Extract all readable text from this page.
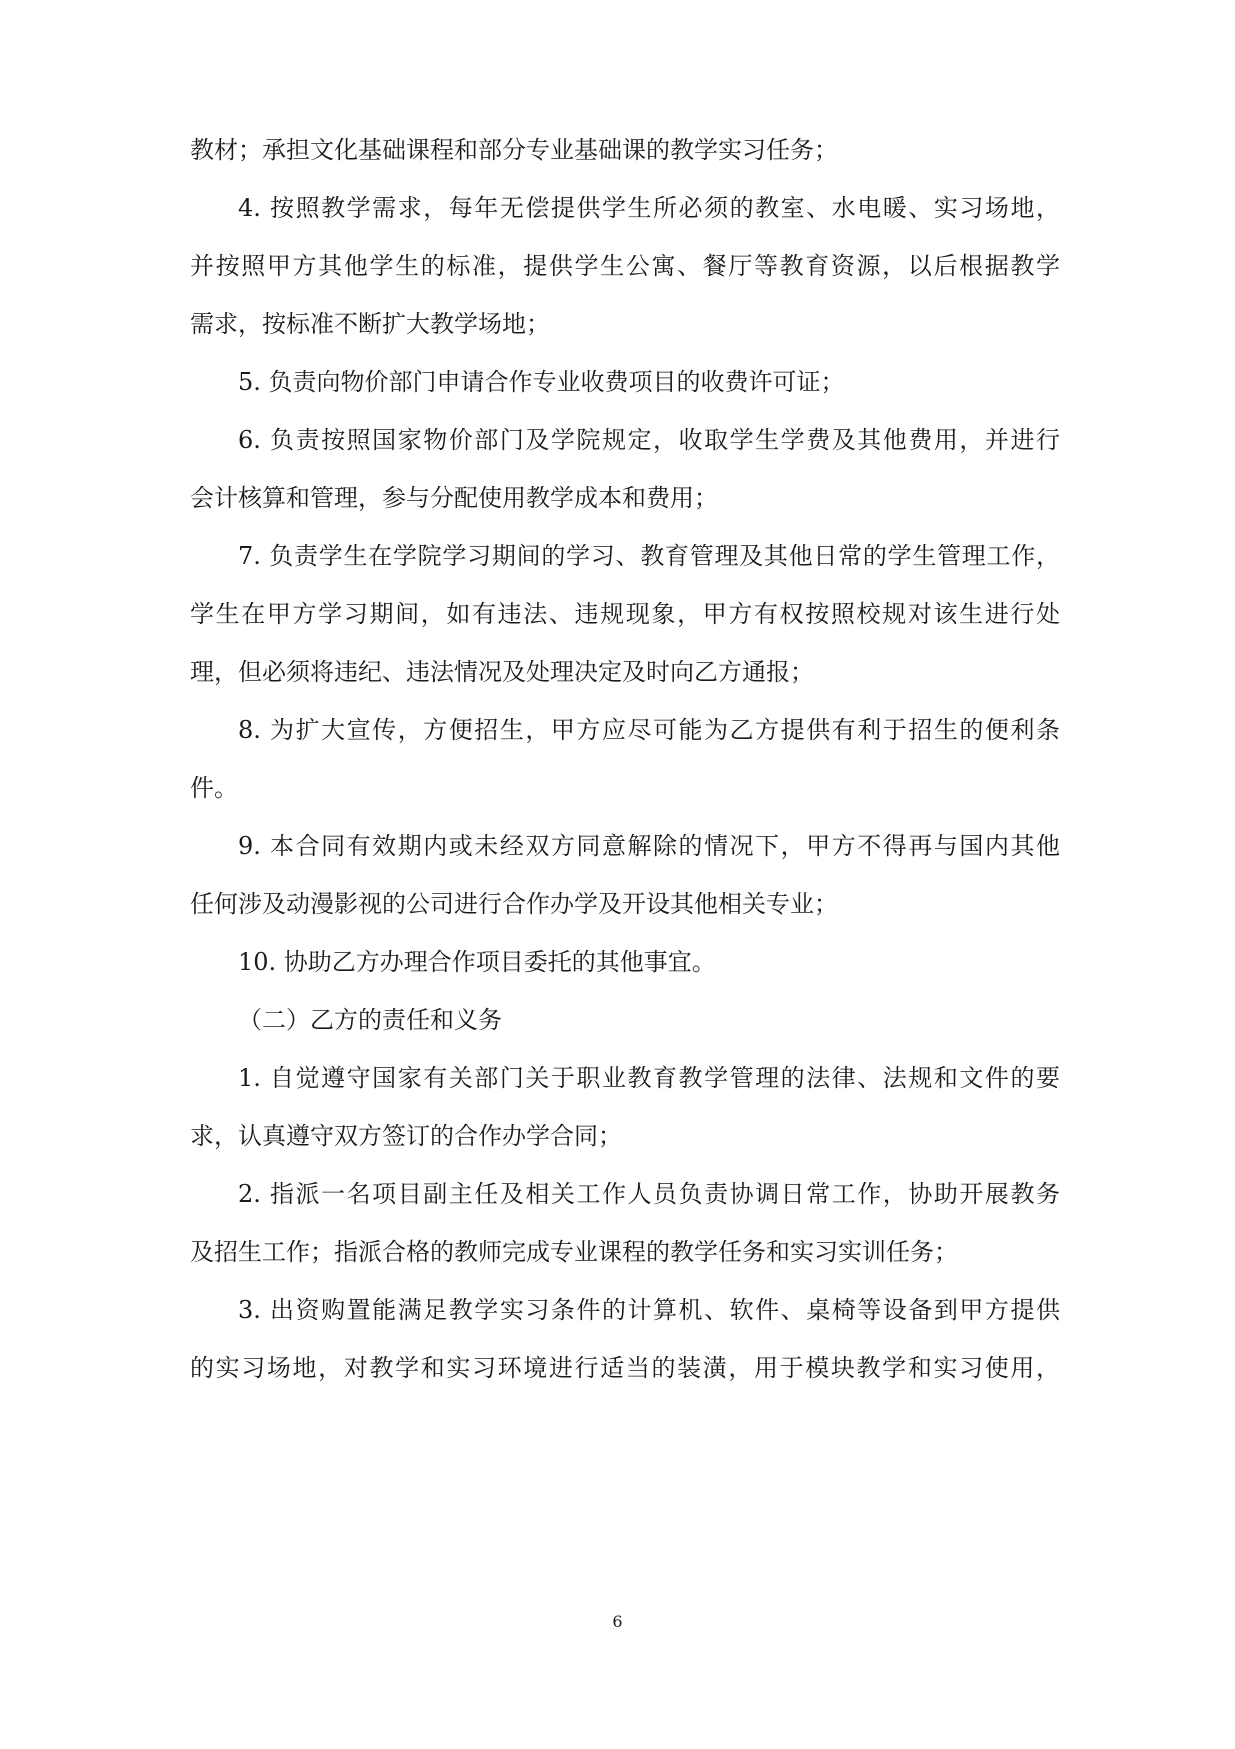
教材；承担文化基础课程和部分专业基础课的教学实习任务；
4. 按照教学需求，每年无偿提供学生所必须的教室、水电暖、实习场地，
并按照甲方其他学生的标准，提供学生公寓、餐厅等教育资源，以后根据教学
需求，按标准不断扩大教学场地；
5. 负责向物价部门申请合作专业收费项目的收费许可证；
6. 负责按照国家物价部门及学院规定，收取学生学费及其他费用，并进行
会计核算和管理，参与分配使用教学成本和费用；
7. 负责学生在学院学习期间的学习、教育管理及其他日常的学生管理工作，
学生在甲方学习期间，如有违法、违规现象，甲方有权按照校规对该生进行处
理，但必须将违纪、违法情况及处理决定及时向乙方通报；
8. 为扩大宣传，方便招生，甲方应尽可能为乙方提供有利于招生的便利条
件。
9. 本合同有效期内或未经双方同意解除的情况下，甲方不得再与国内其他
任何涉及动漫影视的公司进行合作办学及开设其他相关专业；
10. 协助乙方办理合作项目委托的其他事宜。
（二）乙方的责任和义务
1. 自觉遵守国家有关部门关于职业教育教学管理的法律、法规和文件的要
求，认真遵守双方签订的合作办学合同；
2. 指派一名项目副主任及相关工作人员负责协调日常工作，协助开展教务
及招生工作；指派合格的教师完成专业课程的教学任务和实习实训任务；
3. 出资购置能满足教学实习条件的计算机、软件、桌椅等设备到甲方提供
的实习场地，对教学和实习环境进行适当的装潢，用于模块教学和实习使用，
6
